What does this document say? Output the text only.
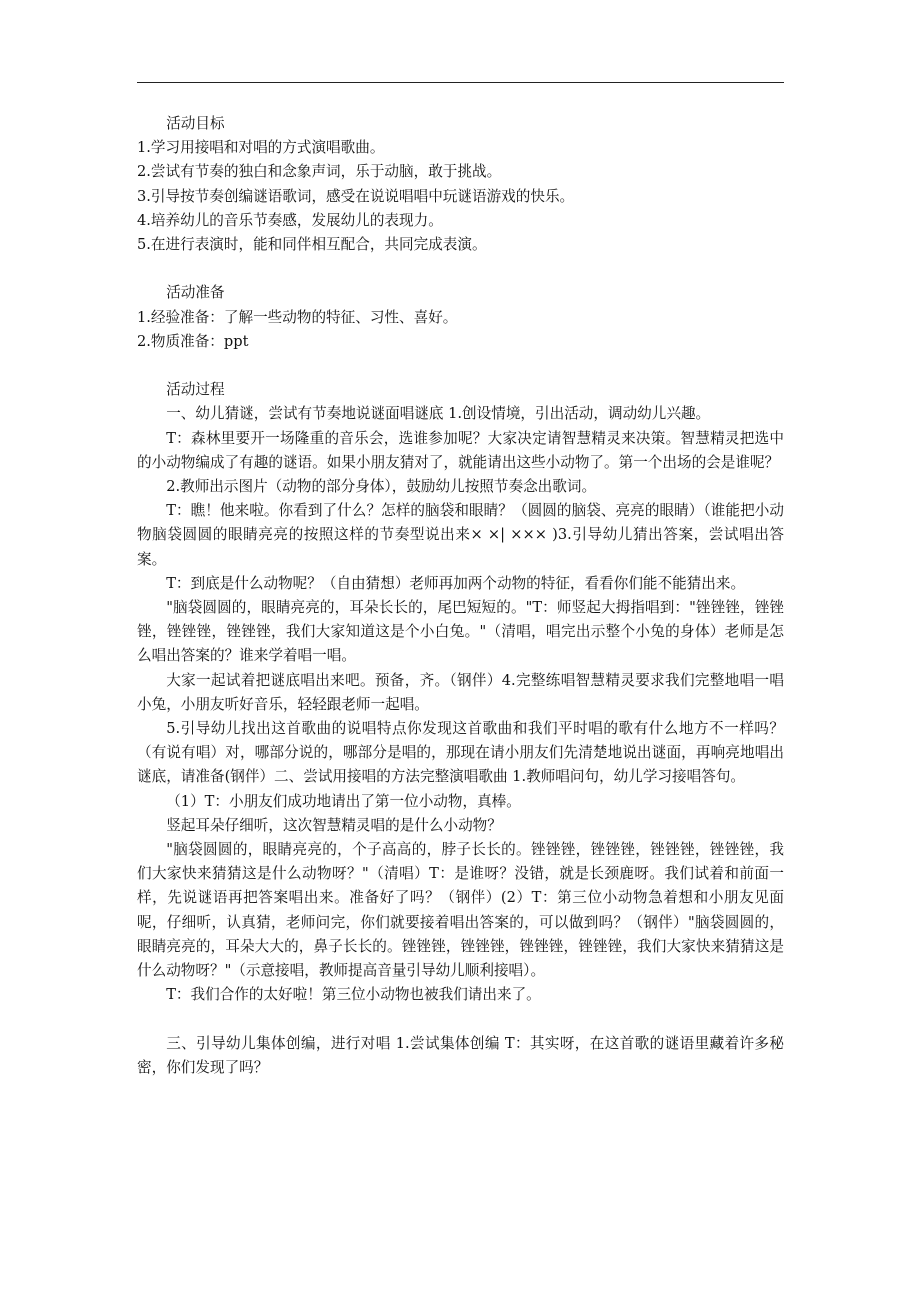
活动目标

1.学习用接唱和对唱的方式演唱歌曲。

2.尝试有节奏的独白和念象声词，乐于动脑，敢于挑战。

3.引导按节奏创编谜语歌词，感受在说说唱唱中玩谜语游戏的快乐。

4.培养幼儿的音乐节奏感，发展幼儿的表现力。

5.在进行表演时，能和同伴相互配合，共同完成表演。

活动准备

1.经验准备：了解一些动物的特征、习性、喜好。

2.物质准备：ppt

活动过程

一、幼儿猜谜，尝试有节奏地说谜面唱谜底 1.创设情境，引出活动，调动幼儿兴趣。

T：森林里要开一场隆重的音乐会，选谁参加呢？大家决定请智慧精灵来决策。智慧精灵把选中的小动物编成了有趣的谜语。如果小朋友猜对了，就能请出这些小动物了。第一个出场的会是谁呢？

2.教师出示图片（动物的部分身体），鼓励幼儿按照节奏念出歌词。

T：瞧！他来啦。你看到了什么？怎样的脑袋和眼睛？（圆圆的脑袋、亮亮的眼睛）（谁能把小动物脑袋圆圆的眼睛亮亮的按照这样的节奏型说出来× ×| ××× )3.引导幼儿猜出答案，尝试唱出答案。

T：到底是什么动物呢？（自由猜想）老师再加两个动物的特征，看看你们能不能猜出来。

"脑袋圆圆的，眼睛亮亮的，耳朵长长的，尾巴短短的。"T：师竖起大拇指唱到："锉锉锉，锉锉锉，锉锉锉，锉锉锉，我们大家知道这是个小白兔。"（清唱，唱完出示整个小兔的身体）老师是怎么唱出答案的？谁来学着唱一唱。

大家一起试着把谜底唱出来吧。预备，齐。（钢伴）4.完整练唱智慧精灵要求我们完整地唱一唱小兔，小朋友听好音乐，轻轻跟老师一起唱。

5.引导幼儿找出这首歌曲的说唱特点你发现这首歌曲和我们平时唱的歌有什么地方不一样吗？（有说有唱）对，哪部分说的，哪部分是唱的，那现在请小朋友们先清楚地说出谜面，再响亮地唱出谜底，请准备(钢伴）二、尝试用接唱的方法完整演唱歌曲 1.教师唱问句，幼儿学习接唱答句。

（1）T：小朋友们成功地请出了第一位小动物，真棒。

竖起耳朵仔细听，这次智慧精灵唱的是什么小动物？

"脑袋圆圆的，眼睛亮亮的，个子高高的，脖子长长的。锉锉锉，锉锉锉，锉锉锉，锉锉锉，我们大家快来猜猜这是什么动物呀？"（清唱）T：是谁呀？没错，就是长颈鹿呀。我们试着和前面一样，先说谜语再把答案唱出来。准备好了吗？（钢伴）(2）T：第三位小动物急着想和小朋友见面呢，仔细听，认真猜，老师问完，你们就要接着唱出答案的，可以做到吗？（钢伴）"脑袋圆圆的，眼睛亮亮的，耳朵大大的，鼻子长长的。锉锉锉，锉锉锉，锉锉锉，锉锉锉，我们大家快来猜猜这是什么动物呀？"（示意接唱，教师提高音量引导幼儿顺利接唱）。

T：我们合作的太好啦！第三位小动物也被我们请出来了。

三、引导幼儿集体创编，进行对唱 1.尝试集体创编 T：其实呀，在这首歌的谜语里藏着许多秘密，你们发现了吗？
